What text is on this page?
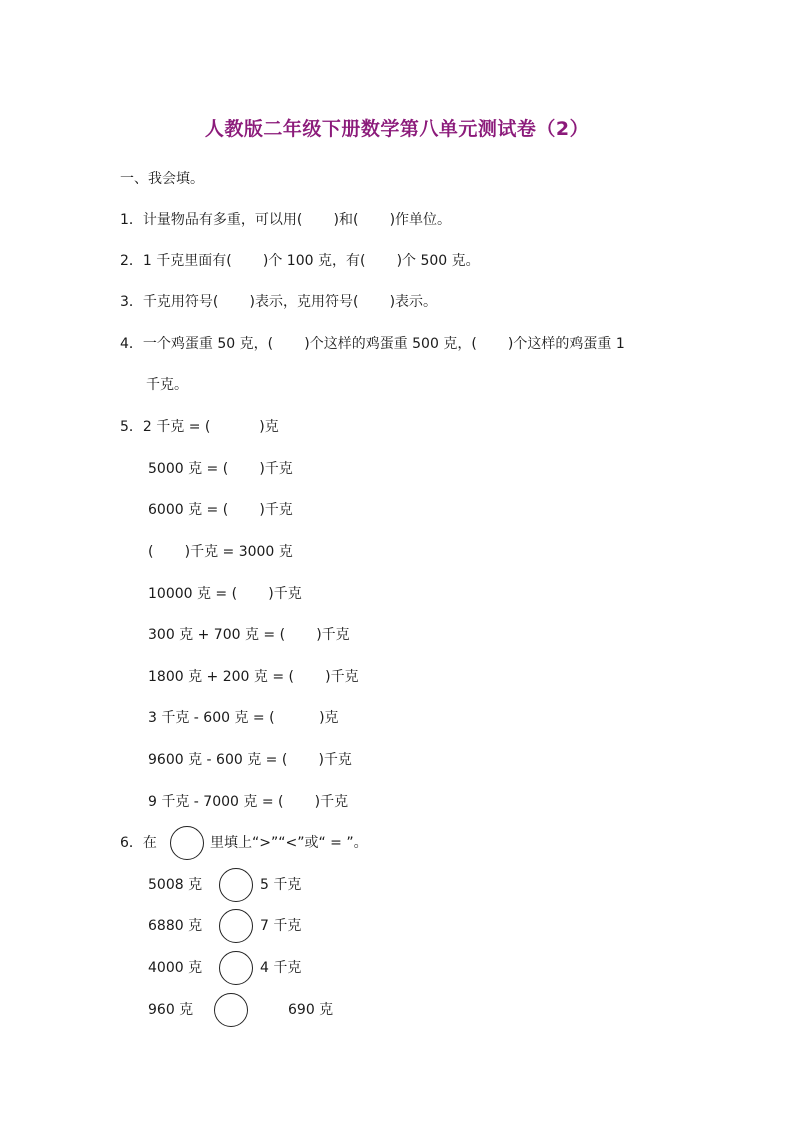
人教版二年级下册数学第八单元测试卷（2）
一、我会填。
1．计量物品有多重，可以用(       )和(       )作单位。
2．1 千克里面有(       )个 100 克，有(       )个 500 克。
3．千克用符号(       )表示，克用符号(       )表示。
4．一个鸡蛋重 50 克，(       )个这样的鸡蛋重 500 克，(       )个这样的鸡蛋重 1
千克。
5．2 千克 = (           )克
5000 克 = (       )千克
6000 克 = (       )千克
(       )千克 = 3000 克
10000 克 = (       )千克
300 克 + 700 克 = (       )千克
1800 克 + 200 克 = (       )千克
3 千克 - 600 克 = (          )克
9600 克 - 600 克 = (       )千克
9 千克 - 7000 克 = (       )千克
6．在	里填上“>”“<”或“ = ”。
5008 克	5 千克
6880 克	7 千克
4000 克	4 千克
960 克	690 克
